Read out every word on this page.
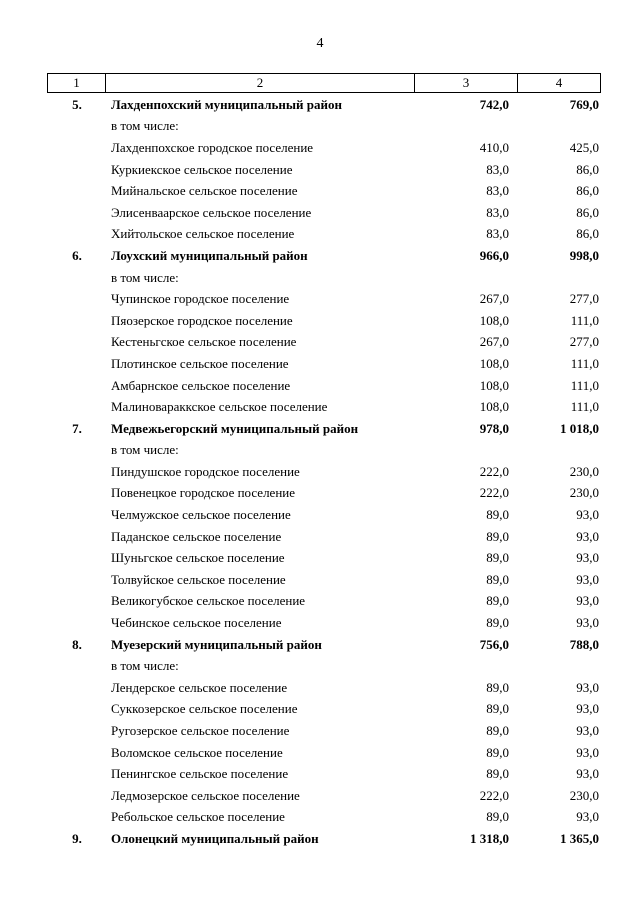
4
1	2	3	4
5.	Лахденпохский муниципальный район	742,0	769,0
в том числе:
Лахденпохское городское поселение	410,0	425,0
Куркиекское сельское поселение	83,0	86,0
Мийнальское сельское поселение	83,0	86,0
Элисенваарское сельское поселение	83,0	86,0
Хийтольское сельское поселение	83,0	86,0
6.	Лоухский муниципальный район	966,0	998,0
в том числе:
Чупинское городское поселение	267,0	277,0
Пяозерское городское поселение	108,0	111,0
Кестеньгское сельское поселение	267,0	277,0
Плотинское сельское поселение	108,0	111,0
Амбарнское сельское поселение	108,0	111,0
Малиновараккское сельское поселение	108,0	111,0
7.	Медвежьегорский муниципальный район	978,0	1 018,0
в том числе:
Пиндушское городское поселение	222,0	230,0
Повенецкое городское поселение	222,0	230,0
Челмужское сельское поселение	89,0	93,0
Паданское сельское поселение	89,0	93,0
Шуньгское сельское поселение	89,0	93,0
Толвуйское сельское поселение	89,0	93,0
Великогубское сельское поселение	89,0	93,0
Чебинское сельское поселение	89,0	93,0
8.	Муезерский муниципальный район	756,0	788,0
в том числе:
Лендерское сельское поселение	89,0	93,0
Суккозерское сельское поселение	89,0	93,0
Ругозерское сельское поселение	89,0	93,0
Воломское сельское поселение	89,0	93,0
Пенингское сельское поселение	89,0	93,0
Ледмозерское сельское поселение	222,0	230,0
Ребольское сельское поселение	89,0	93,0
9.	Олонецкий муниципальный район	1 318,0	1 365,0
